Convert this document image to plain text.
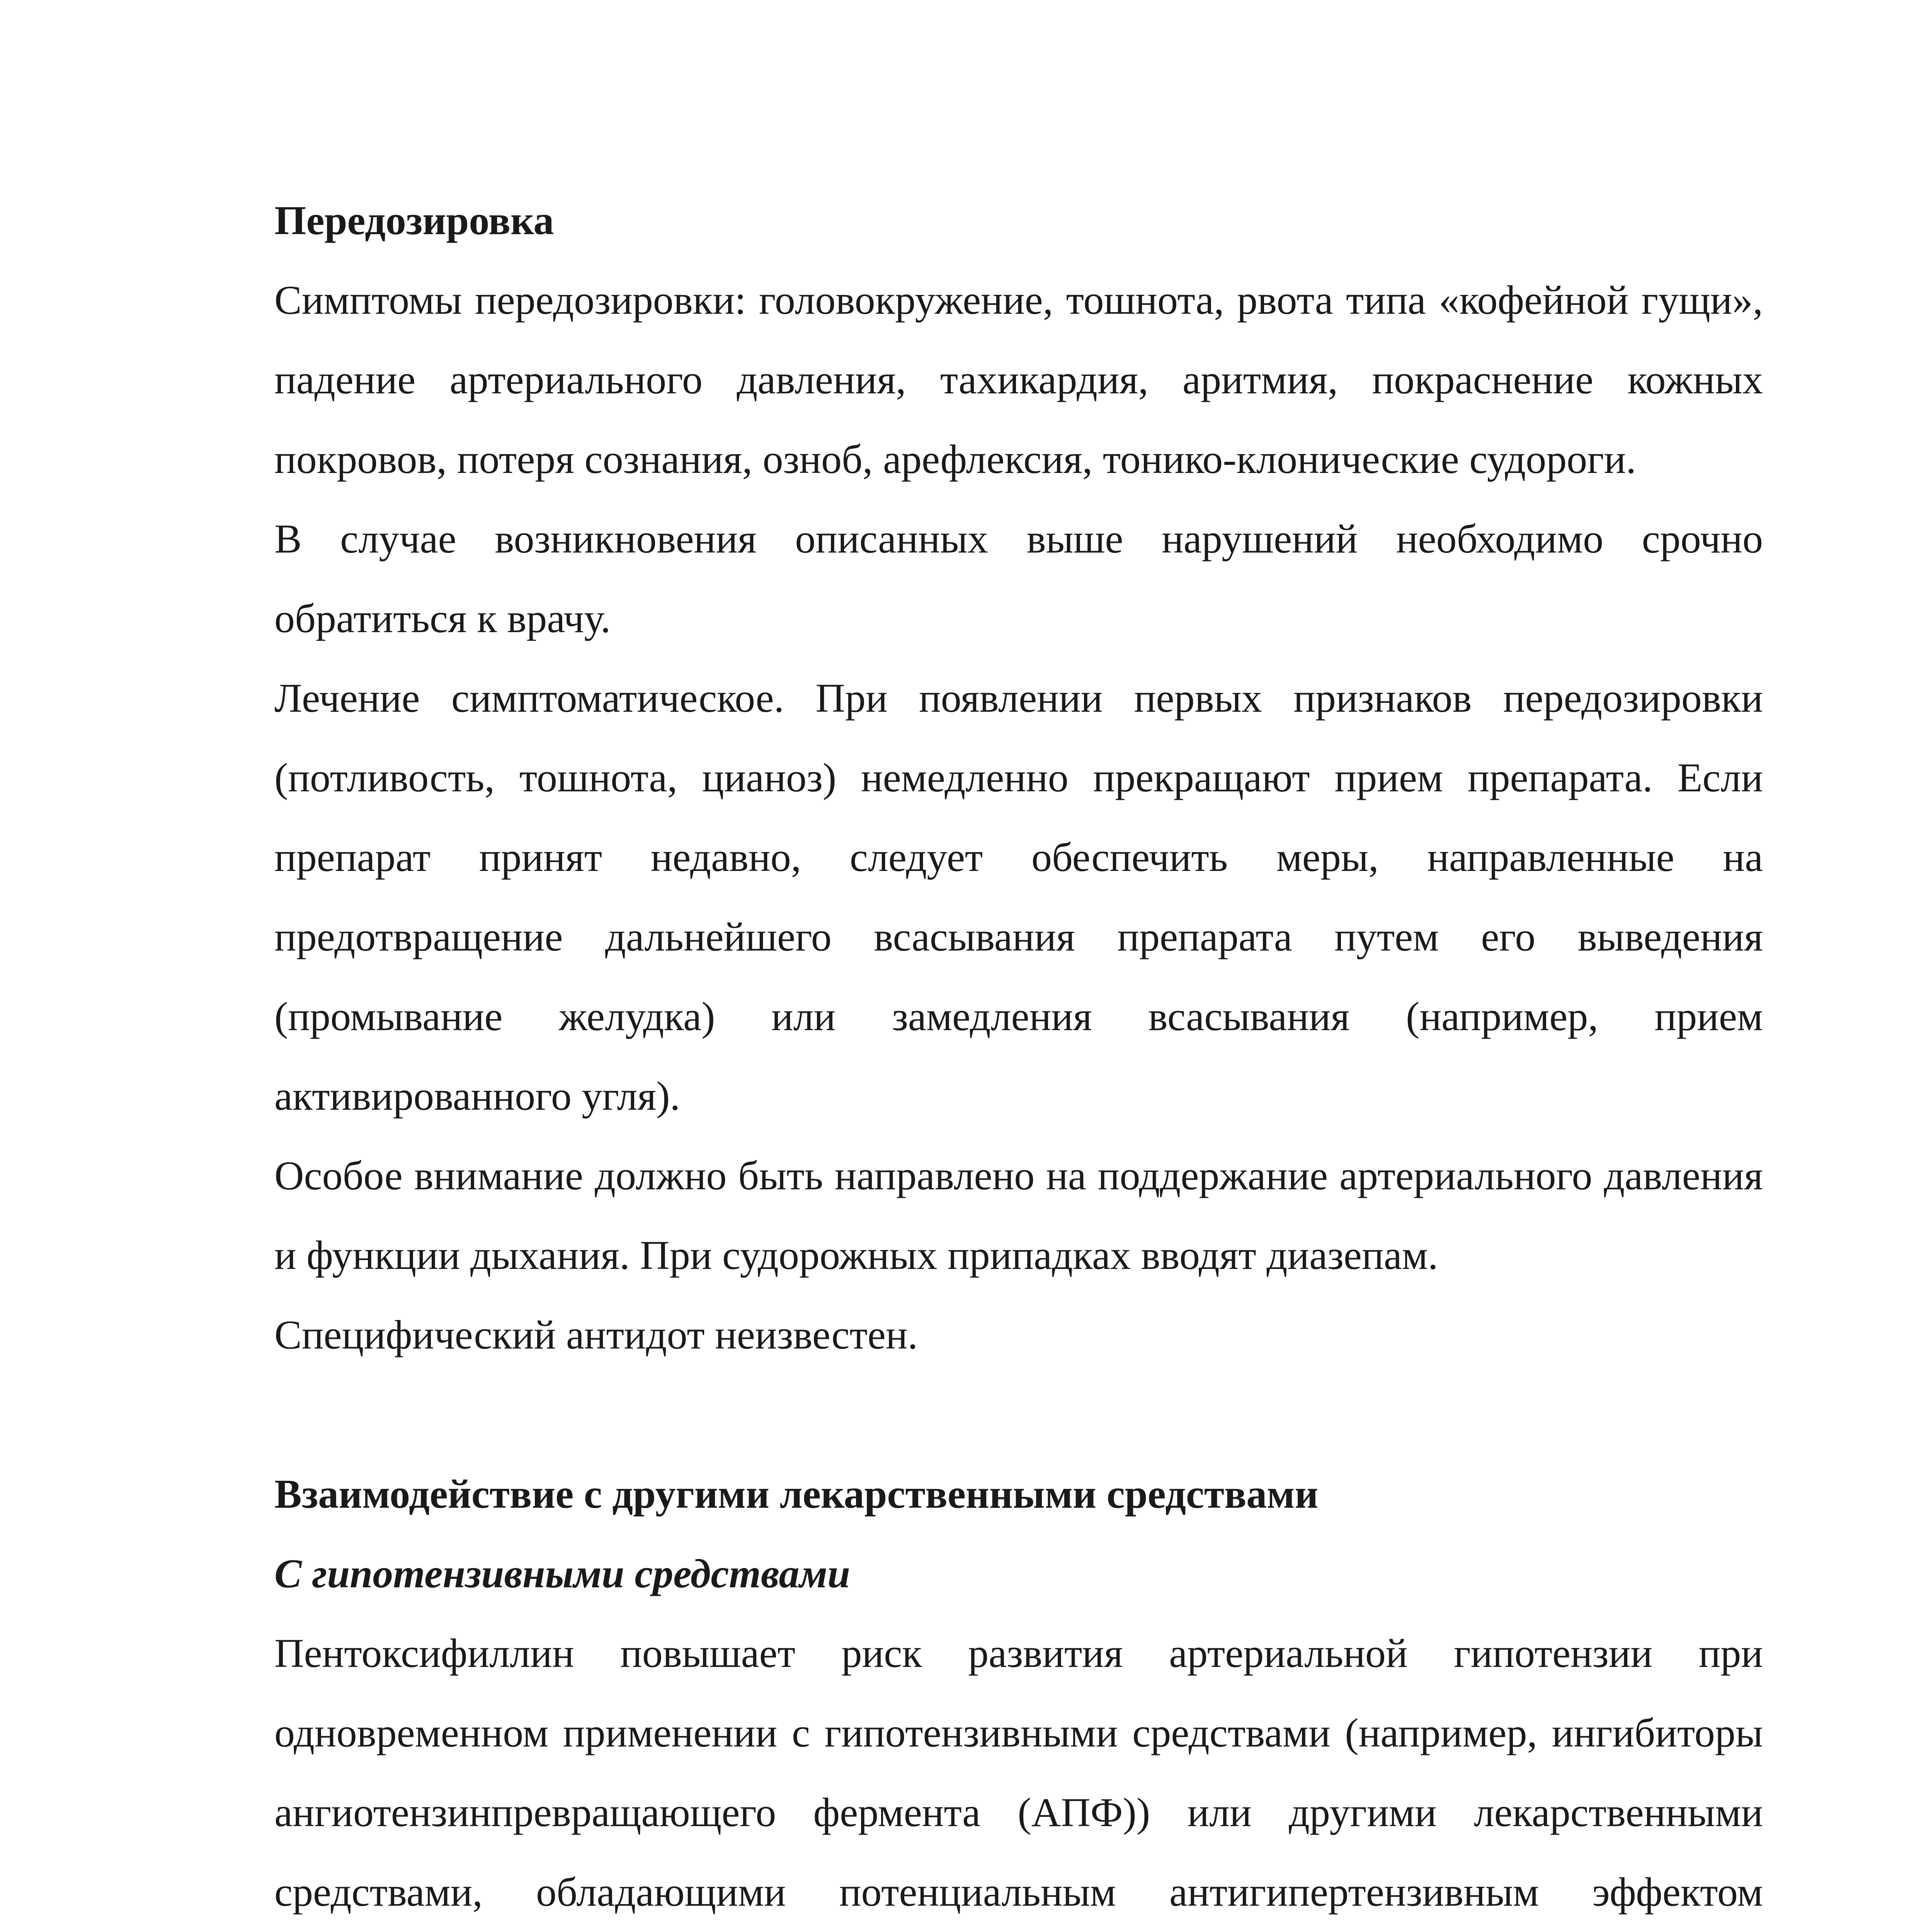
Передозировка

Симптомы передозировки: головокружение, тошнота, рвота типа «кофейной гущи», падение артериального давления, тахикардия, аритмия, покраснение кожных покровов, потеря сознания, озноб, арефлексия, тонико-клонические судороги.

В случае возникновения описанных выше нарушений необходимо срочно обратиться к врачу.

Лечение симптоматическое. При появлении первых признаков передозировки (потливость, тошнота, цианоз) немедленно прекращают прием препарата. Если препарат принят недавно, следует обеспечить меры, направленные на предотвращение дальнейшего всасывания препарата путем его выведения (промывание желудка) или замедления всасывания (например, прием активированного угля).

Особое внимание должно быть направлено на поддержание артериального давления и функции дыхания. При судорожных припадках вводят диазепам.

Специфический антидот неизвестен.

Взаимодействие с другими лекарственными средствами
С гипотензивными средствами

Пентоксифиллин повышает риск развития артериальной гипотензии при одновременном применении с гипотензивными средствами (например, ингибиторы ангиотензинпревращающего фермента (АПФ)) или другими лекарственными средствами, обладающими потенциальным антигипертензивным эффектом
